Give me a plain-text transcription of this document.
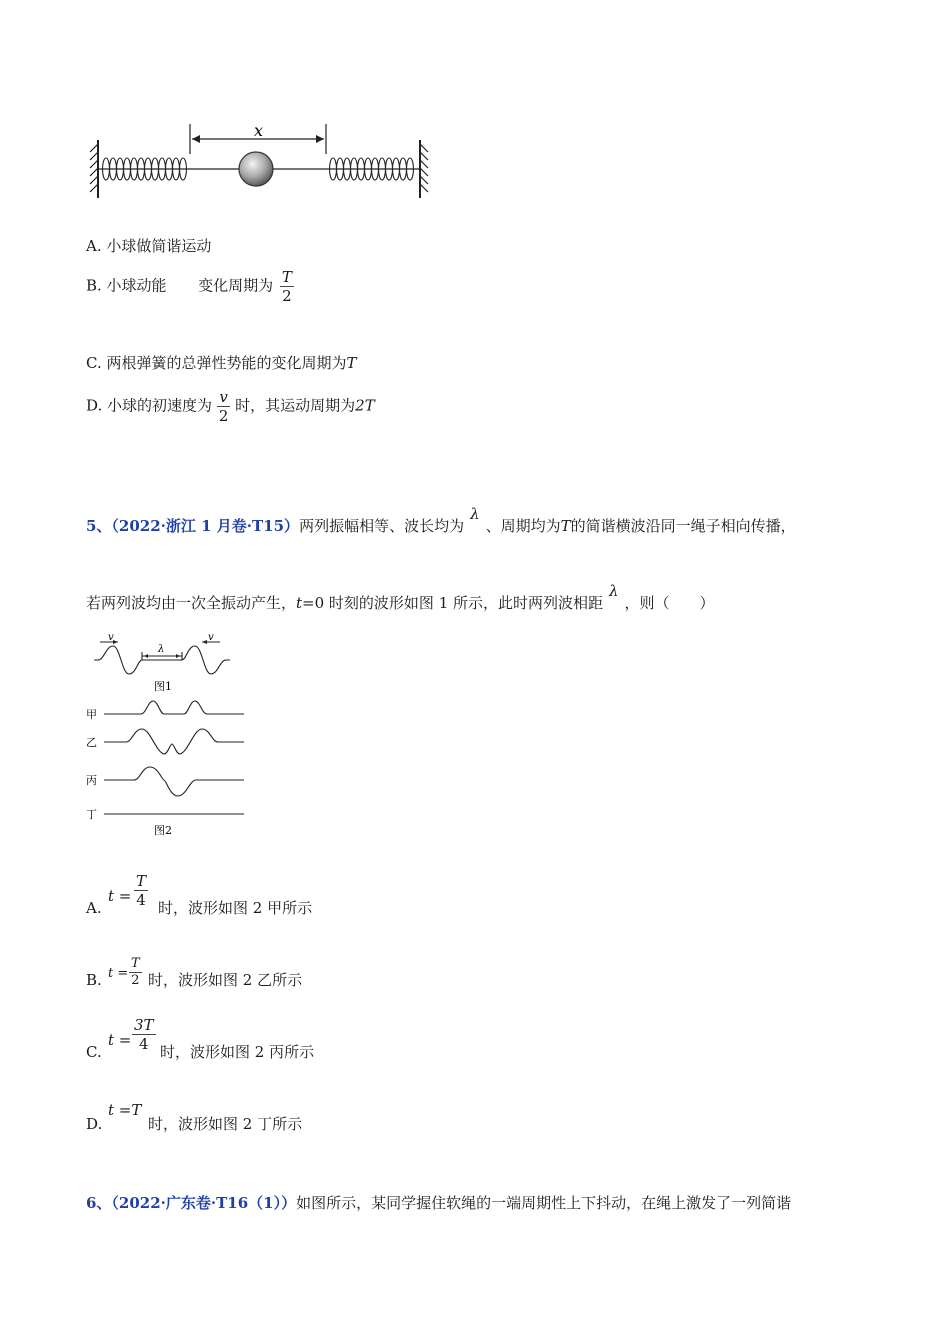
x
A. 小球做简谐运动
B. 小球动能 变化周期为 $\frac{T}{2}$
C. 两根弹簧的总弹性势能的变化周期为T
D. 小球的初速度为 $\frac{v}{2}$ 时，其运动周期为2T
5、（2022·浙江 1 月卷·T15）两列振幅相等、波长均为λ、周期均为T的简谐横波沿同一绳子相向传播，
若两列波均由一次全振动产生，t=0 时刻的波形如图 1 所示，此时两列波相距λ，则（　　）
v	v
λ
图1
甲
乙
丙
丁
图2
A.
$t = \frac{T}{4}$ 时，波形如图 2 甲所示
B. $t = \frac{T}{2}$ 时，波形如图 2 乙所示
C.
$t = \frac{3T}{4}$ 时，波形如图 2 丙所示
D.
t =T
时，波形如图 2 丁所示
6、（2022·广东卷·T16（1））如图所示，某同学握住软绳的一端周期性上下抖动，在绳上激发了一列简谐
